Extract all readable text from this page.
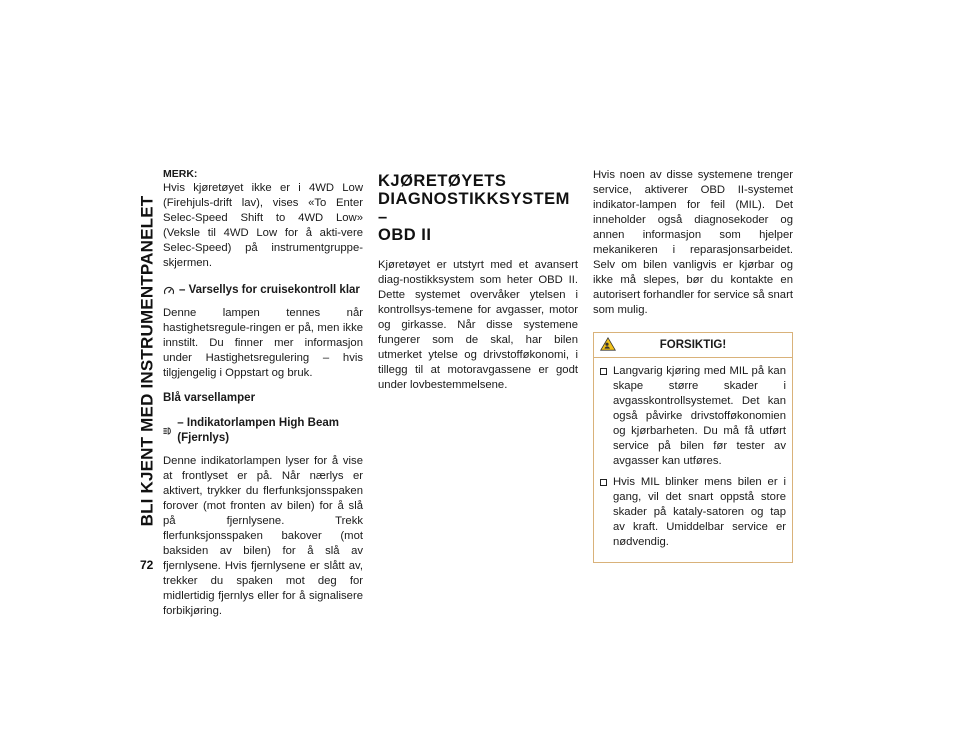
BLI KJENT MED INSTRUMENTPANELET
72
MERK:

Hvis kjøretøyet ikke er i 4WD Low (Firehjuls-drift lav), vises «To Enter Selec-Speed Shift to 4WD Low» (Veksle til 4WD Low for å akti-vere Selec-Speed) på instrumentgruppe-skjermen.

– Varsellys for cruisekontroll klar

Denne lampen tennes når hastighetsregule-ringen er på, men ikke innstilt. Du finner mer informasjon under Hastighetsregulering – hvis tilgjengelig i Oppstart og bruk.

Blå varsellamper
– Indikatorlampen High Beam (Fjernlys)

Denne indikatorlampen lyser for å vise at frontlyset er på. Når nærlys er aktivert, trykker du flerfunksjonsspaken forover (mot fronten av bilen) for å slå på fjernlysene. Trekk flerfunksjonsspaken bakover (mot baksiden av bilen) for å slå av fjernlysene. Hvis fjernlysene er slått av, trekker du spaken mot deg for midlertidig fjernlys eller for å signalisere forbikjøring.

KJØRETØYETS
DIAGNOSTIKKSYSTEM –
OBD II

Kjøretøyet er utstyrt med et avansert diag-nostikksystem som heter OBD II. Dette systemet overvåker ytelsen i kontrollsys-temene for avgasser, motor og girkasse. Når disse systemene fungerer som de skal, har bilen utmerket ytelse og drivstofføkonomi, i tillegg til at motoravgassene er godt under lovbestemmelsene.

Hvis noen av disse systemene trenger service, aktiverer OBD II-systemet indikator-lampen for feil (MIL). Det inneholder også diagnosekoder og annen informasjon som hjelper mekanikeren i reparasjonsarbeidet. Selv om bilen vanligvis er kjørbar og ikke må slepes, bør du kontakte en autorisert forhandler for service så snart som mulig.

FORSIKTIG!
Langvarig kjøring med MIL på kan skape større skader i avgasskontrollsystemet. Det kan også påvirke drivstofføkonomien og kjørbarheten. Du må få utført service på bilen før tester av avgasser kan utføres.
Hvis MIL blinker mens bilen er i gang, vil det snart oppstå store skader på kataly-satoren og tap av kraft. Umiddelbar service er nødvendig.
